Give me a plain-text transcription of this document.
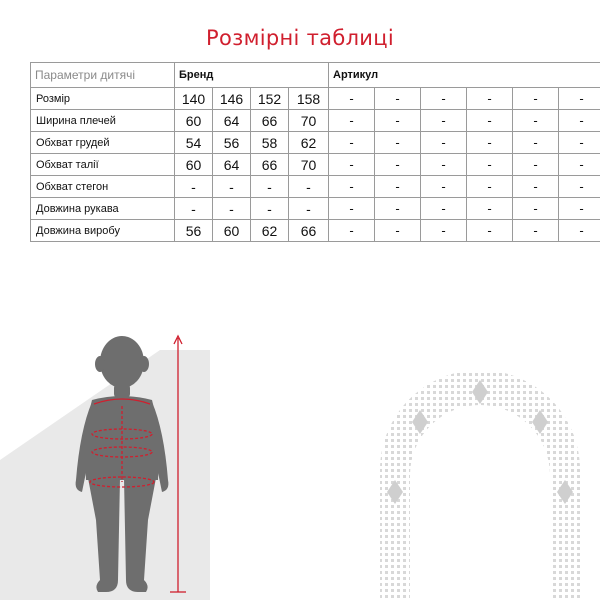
Розмірні таблиці
Параметри дитячі	Бренд				Артикул					
Розмір	140	146	152	158	-	-	-	-	-	-
Ширина плечей	60	64	66	70	-	-	-	-	-	-
Обхват грудей	54	56	58	62	-	-	-	-	-	-
Обхват талії	60	64	66	70	-	-	-	-	-	-
Обхват стегон	-	-	-	-	-	-	-	-	-	-
Довжина рукава	-	-	-	-	-	-	-	-	-	-
Довжина виробу	56	60	62	66	-	-	-	-	-	-
